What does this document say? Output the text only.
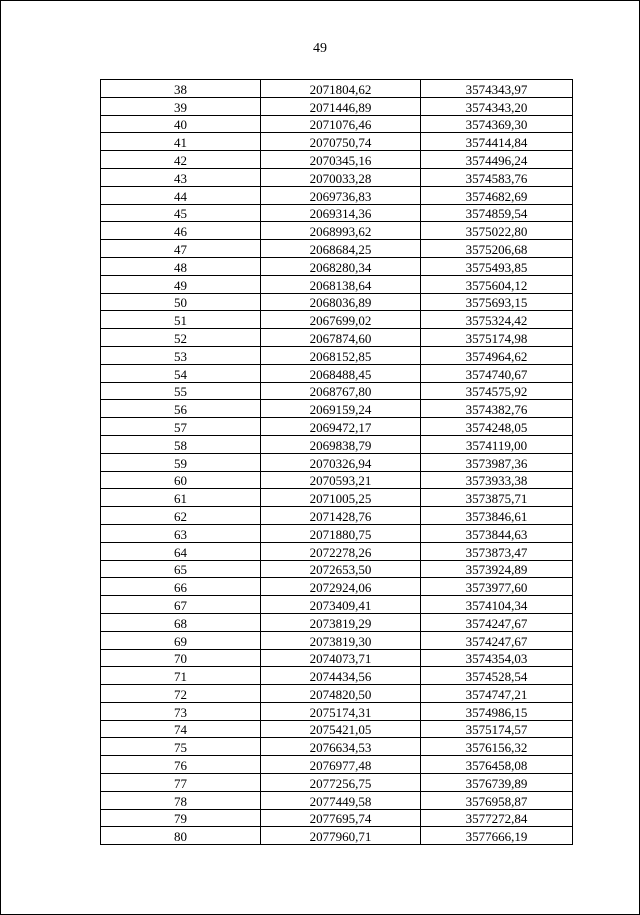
49
38	2071804,62	3574343,97
39	2071446,89	3574343,20
40	2071076,46	3574369,30
41	2070750,74	3574414,84
42	2070345,16	3574496,24
43	2070033,28	3574583,76
44	2069736,83	3574682,69
45	2069314,36	3574859,54
46	2068993,62	3575022,80
47	2068684,25	3575206,68
48	2068280,34	3575493,85
49	2068138,64	3575604,12
50	2068036,89	3575693,15
51	2067699,02	3575324,42
52	2067874,60	3575174,98
53	2068152,85	3574964,62
54	2068488,45	3574740,67
55	2068767,80	3574575,92
56	2069159,24	3574382,76
57	2069472,17	3574248,05
58	2069838,79	3574119,00
59	2070326,94	3573987,36
60	2070593,21	3573933,38
61	2071005,25	3573875,71
62	2071428,76	3573846,61
63	2071880,75	3573844,63
64	2072278,26	3573873,47
65	2072653,50	3573924,89
66	2072924,06	3573977,60
67	2073409,41	3574104,34
68	2073819,29	3574247,67
69	2073819,30	3574247,67
70	2074073,71	3574354,03
71	2074434,56	3574528,54
72	2074820,50	3574747,21
73	2075174,31	3574986,15
74	2075421,05	3575174,57
75	2076634,53	3576156,32
76	2076977,48	3576458,08
77	2077256,75	3576739,89
78	2077449,58	3576958,87
79	2077695,74	3577272,84
80	2077960,71	3577666,19
